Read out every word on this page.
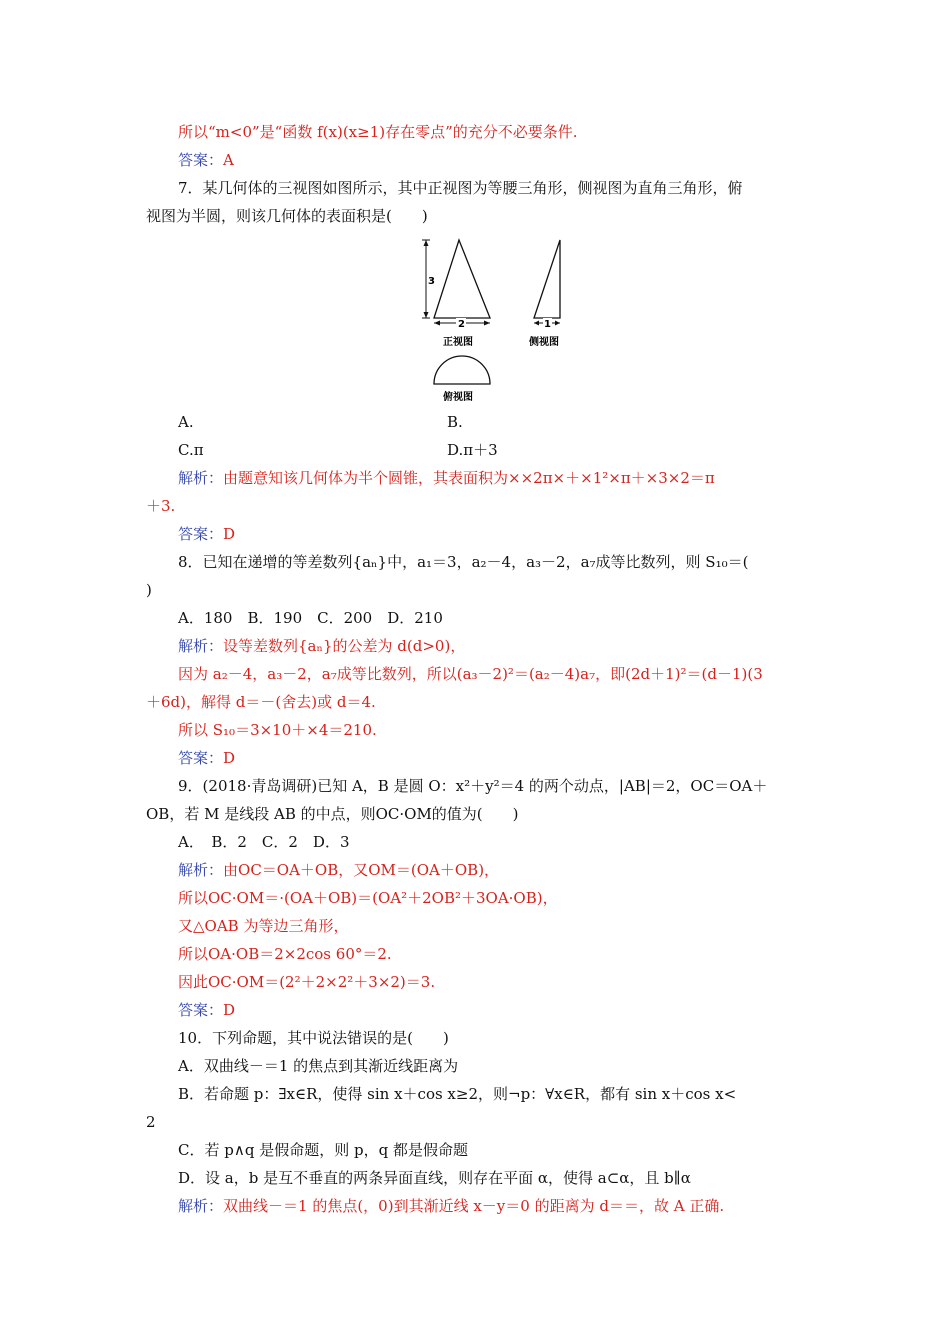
所以“m<0”是“函数 f(x)(x≥1)存在零点”的充分不必要条件.
答案：A
7．某几何体的三视图如图所示，其中正视图为等腰三角形，侧视图为直角三角形，俯
视图为半圆，则该几何体的表面积是(　　)
3
2
正视图
1
侧视图
俯视图
A.	B.
C.π	D.π＋3
解析：由题意知该几何体为半个圆锥，其表面积为××2π×＋×1²×π＋×3×2＝π
＋3.
答案：D
8．已知在递增的等差数列{aₙ}中，a₁＝3，a₂－4，a₃－2，a₇成等比数列，则 S₁₀＝(
)
A．180　B．190　C．200　D．210
解析：设等差数列{aₙ}的公差为 d(d>0)，
因为 a₂－4，a₃－2，a₇成等比数列，所以(a₃－2)²＝(a₂－4)a₇，即(2d＋1)²＝(d－1)(3
＋6d)，解得 d＝－(舍去)或 d＝4.
所以 S₁₀＝3×10＋×4＝210.
答案：D
9．(2018·青岛调研)已知 A，B 是圆 O：x²＋y²＝4 的两个动点，|AB|＝2，OC＝OA＋
OB，若 M 是线段 AB 的中点，则OC·OM的值为(　　)
A．　B．2　C．2　D．3
解析：由OC＝OA＋OB，又OM＝(OA＋OB)，
所以OC·OM＝·(OA＋OB)＝(OA²＋2OB²＋3OA·OB)，
又△OAB 为等边三角形，
所以OA·OB＝2×2cos 60°＝2.
因此OC·OM＝(2²＋2×2²＋3×2)＝3.
答案：D
10．下列命题，其中说法错误的是(　　)
A．双曲线－＝1 的焦点到其渐近线距离为
B．若命题 p：∃x∈R，使得 sin x＋cos x≥2，则¬p：∀x∈R，都有 sin x＋cos x<
2
C．若 p∧q 是假命题，则 p，q 都是假命题
D．设 a，b 是互不垂直的两条异面直线，则存在平面 α，使得 a⊂α，且 b∥α
解析：双曲线－＝1 的焦点(，0)到其渐近线 x－y＝0 的距离为 d＝＝，故 A 正确.
